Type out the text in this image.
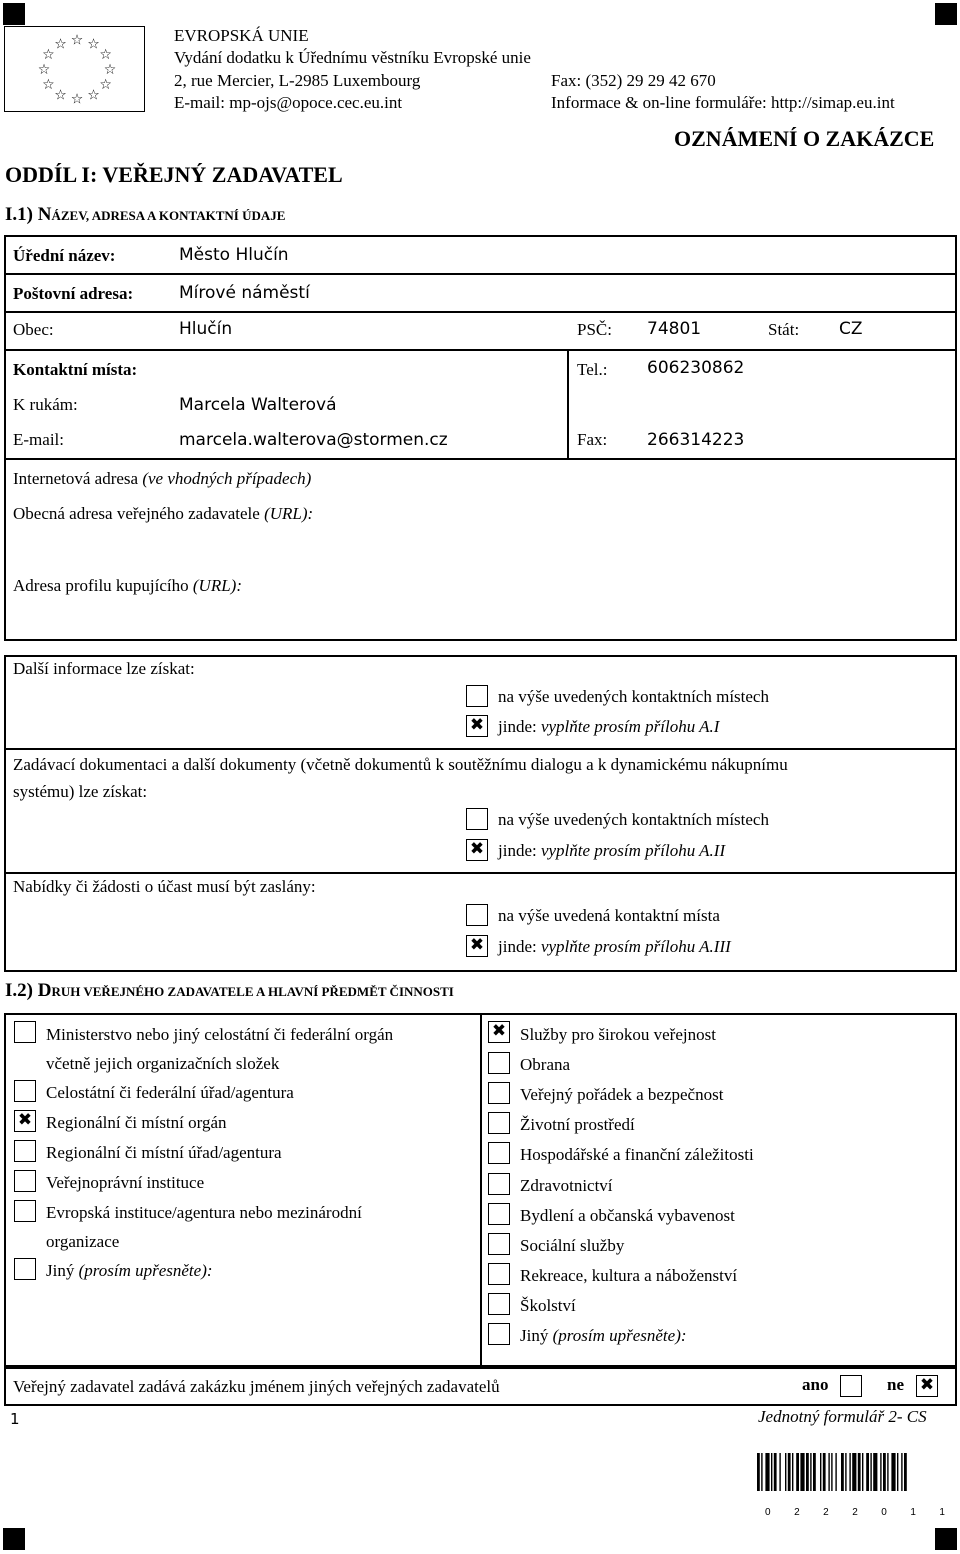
☆ ☆
☆
☆
☆
☆
☆
☆
☆
☆
☆
☆	EVROPSKÁ UNIE
Vydání dodatku k Úřednímu věstníku Evropské unie
2, rue Mercier, L-2985 Luxembourg	Fax: (352) 29 29 42 670
E-mail: mp-ojs@opoce.cec.eu.int	Informace & on-line formuláře: http://simap.eu.int
OZNÁMENÍ O ZAKÁZCE
ODDÍL I: VEŘEJNÝ ZADAVATEL
I.1) NÁZEV, ADRESA A KONTAKTNÍ ÚDAJE
Úřední název:	Město Hlučín
Poštovní adresa:	Mírové náměstí
Obec:	Hlučín	PSČ: 74801	Stát: CZ
Kontaktní místa:	Tel.: 606230862
K rukám:	Marcela Walterová
E-mail:	marcela.walterova@stormen.cz	Fax: 266314223
Internetová adresa (ve vhodných případech)
Obecná adresa veřejného zadavatele (URL):
Adresa profilu kupujícího (URL):
Další informace lze získat:
na výše uvedených kontaktních místech
✖ jinde: vyplňte prosím přílohu A.I
Zadávací dokumentaci a další dokumenty (včetně dokumentů k soutěžnímu dialogu a k dynamickému nákupnímu
systému) lze získat:
na výše uvedených kontaktních místech
✖ jinde: vyplňte prosím přílohu A.II
Nabídky či žádosti o účast musí být zaslány:
na výše uvedená kontaktní místa
✖ jinde: vyplňte prosím přílohu A.III
I.2) DRUH VEŘEJNÉHO ZADAVATELE A HLAVNÍ PŘEDMĚT ČINNOSTI
Ministerstvo nebo jiný celostátní či federální orgán
včetně jejich organizačních složek
Celostátní či federální úřad/agentura
✖ Regionální či místní orgán
Regionální či místní úřad/agentura
Veřejnoprávní instituce
Evropská instituce/agentura nebo mezinárodní
organizace
Jiný (prosím upřesněte):
✖ Služby pro širokou veřejnost
Obrana
Veřejný pořádek a bezpečnost
Životní prostředí
Hospodářské a finanční záležitosti
Zdravotnictví
Bydlení a občanská vybavenost
Sociální služby
Rekreace, kultura a náboženství
Školství
Jiný (prosím upřesněte):
Veřejný zadavatel zadává zakázku jménem jiných veřejných zadavatelů	ano	ne ✖
1	Jednotný formulář 2- CS
0 2 2 2 0 1 1
